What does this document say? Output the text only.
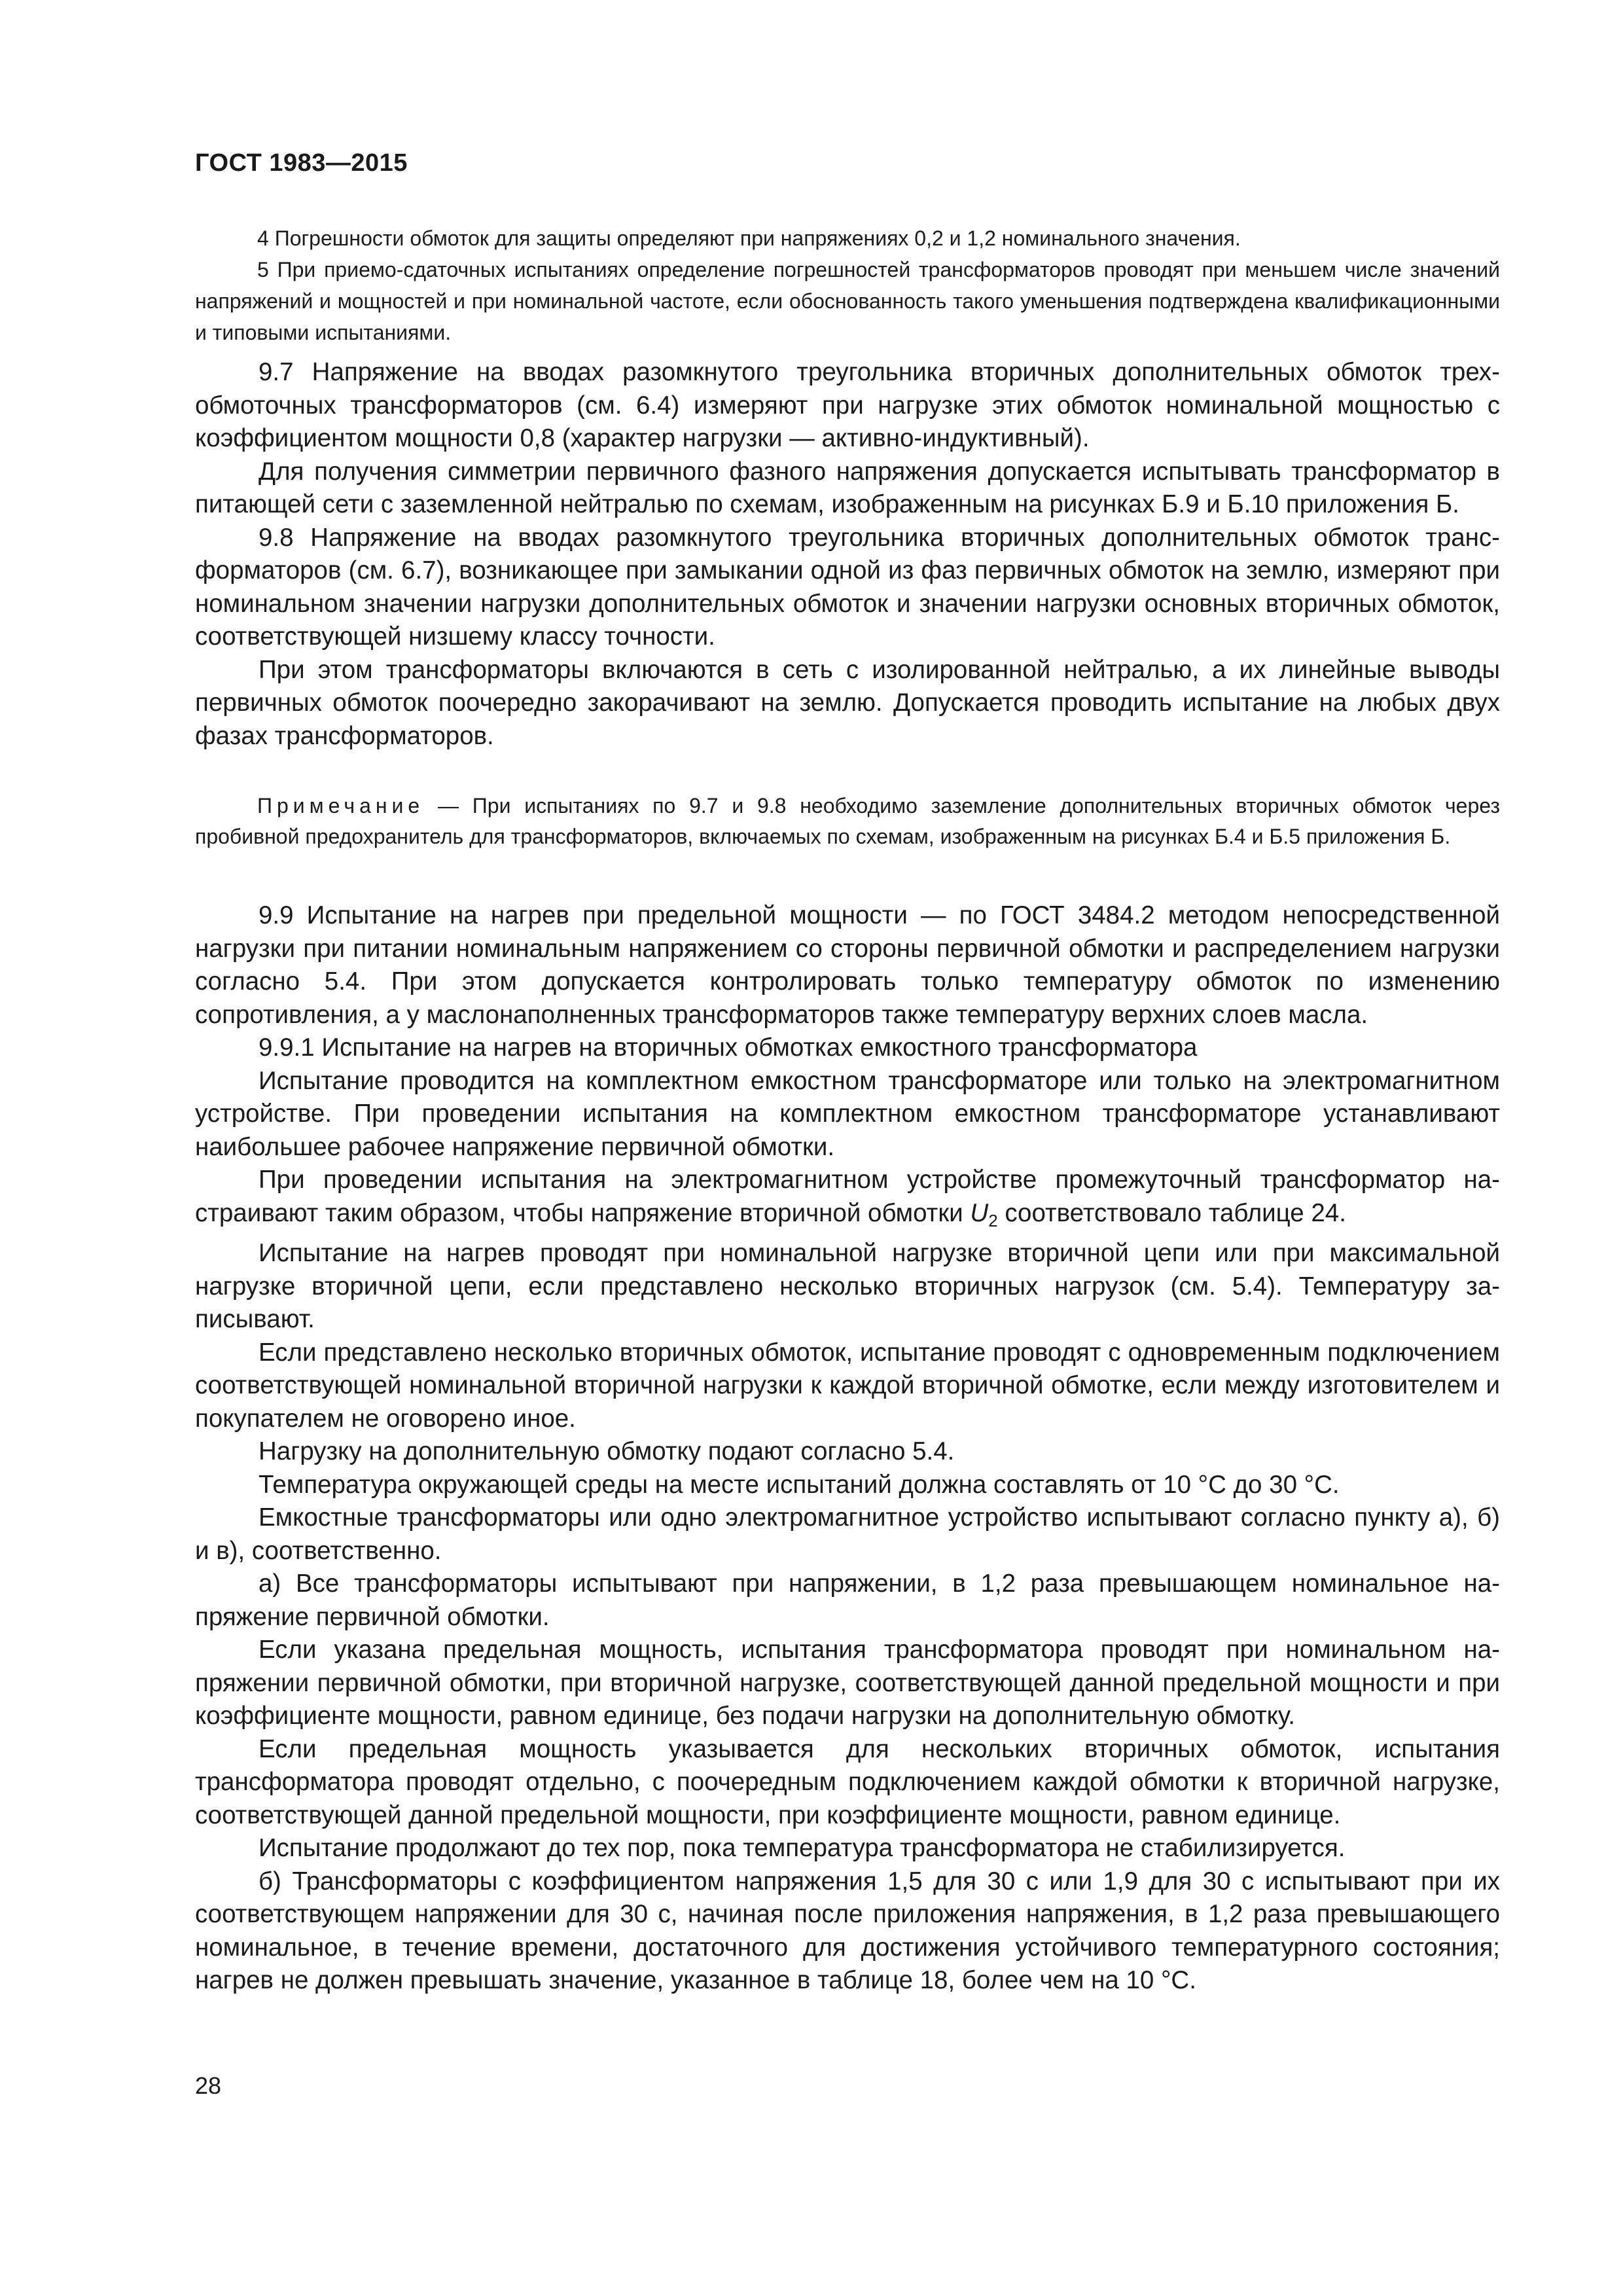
ГОСТ 1983—2015

4 Погрешности обмоток для защиты определяют при напряжениях 0,2 и 1,2 номинального значения.

5 При приемо-сдаточных испытаниях определение погрешностей трансформаторов проводят при меньшем числе значений напряжений и мощностей и при номинальной частоте, если обоснованность такого уменьшения подтверждена квалификационными и типовыми испытаниями.

9.7 Напряжение на вводах разомкнутого треугольника вторичных дополнительных обмоток трехобмоточных трансформаторов (см. 6.4) измеряют при нагрузке этих обмоток номинальной мощностью с коэффициентом мощности 0,8 (характер нагрузки — активно-индуктивный).

Для получения симметрии первичного фазного напряжения допускается испытывать трансформатор в питающей сети с заземленной нейтралью по схемам, изображенным на рисунках Б.9 и Б.10 приложения Б.

9.8 Напряжение на вводах разомкнутого треугольника вторичных дополнительных обмоток трансформаторов (см. 6.7), возникающее при замыкании одной из фаз первичных обмоток на землю, измеряют при номинальном значении нагрузки дополнительных обмоток и значении нагрузки основных вторичных обмоток, соответствующей низшему классу точности.

При этом трансформаторы включаются в сеть с изолированной нейтралью, а их линейные выводы первичных обмоток поочередно закорачивают на землю. Допускается проводить испытание на любых двух фазах трансформаторов.

Примечание — При испытаниях по 9.7 и 9.8 необходимо заземление дополнительных вторичных обмоток через пробивной предохранитель для трансформаторов, включаемых по схемам, изображенным на рисунках Б.4 и Б.5 приложения Б.

9.9 Испытание на нагрев при предельной мощности — по ГОСТ 3484.2 методом непосредственной нагрузки при питании номинальным напряжением со стороны первичной обмотки и распределением нагрузки согласно 5.4. При этом допускается контролировать только температуру обмоток по изменению сопротивления, а у маслонаполненных трансформаторов также температуру верхних слоев масла.

9.9.1 Испытание на нагрев на вторичных обмотках емкостного трансформатора

Испытание проводится на комплектном емкостном трансформаторе или только на электромагнитном устройстве. При проведении испытания на комплектном емкостном трансформаторе устанавливают наибольшее рабочее напряжение первичной обмотки.

При проведении испытания на электромагнитном устройстве промежуточный трансформатор настраивают таким образом, чтобы напряжение вторичной обмотки $U_2$ соответствовало таблице 24.

Испытание на нагрев проводят при номинальной нагрузке вторичной цепи или при максимальной нагрузке вторичной цепи, если представлено несколько вторичных нагрузок (см. 5.4). Температуру записывают.

Если представлено несколько вторичных обмоток, испытание проводят с одновременным подключением соответствующей номинальной вторичной нагрузки к каждой вторичной обмотке, если между изготовителем и покупателем не оговорено иное.

Нагрузку на дополнительную обмотку подают согласно 5.4.

Температура окружающей среды на месте испытаний должна составлять от 10 °С до 30 °С.

Емкостные трансформаторы или одно электромагнитное устройство испытывают согласно пункту а), б) и в), соответственно.

а) Все трансформаторы испытывают при напряжении, в 1,2 раза превышающем номинальное напряжение первичной обмотки.

Если указана предельная мощность, испытания трансформатора проводят при номинальном напряжении первичной обмотки, при вторичной нагрузке, соответствующей данной предельной мощности и при коэффициенте мощности, равном единице, без подачи нагрузки на дополнительную обмотку.

Если предельная мощность указывается для нескольких вторичных обмоток, испытания трансформатора проводят отдельно, с поочередным подключением каждой обмотки к вторичной нагрузке, соответствующей данной предельной мощности, при коэффициенте мощности, равном единице.

Испытание продолжают до тех пор, пока температура трансформатора не стабилизируется.

б) Трансформаторы с коэффициентом напряжения 1,5 для 30 с или 1,9 для 30 с испытывают при их соответствующем напряжении для 30 с, начиная после приложения напряжения, в 1,2 раза превышающего номинальное, в течение времени, достаточного для достижения устойчивого температурного состояния; нагрев не должен превышать значение, указанное в таблице 18, более чем на 10 °С.

28
